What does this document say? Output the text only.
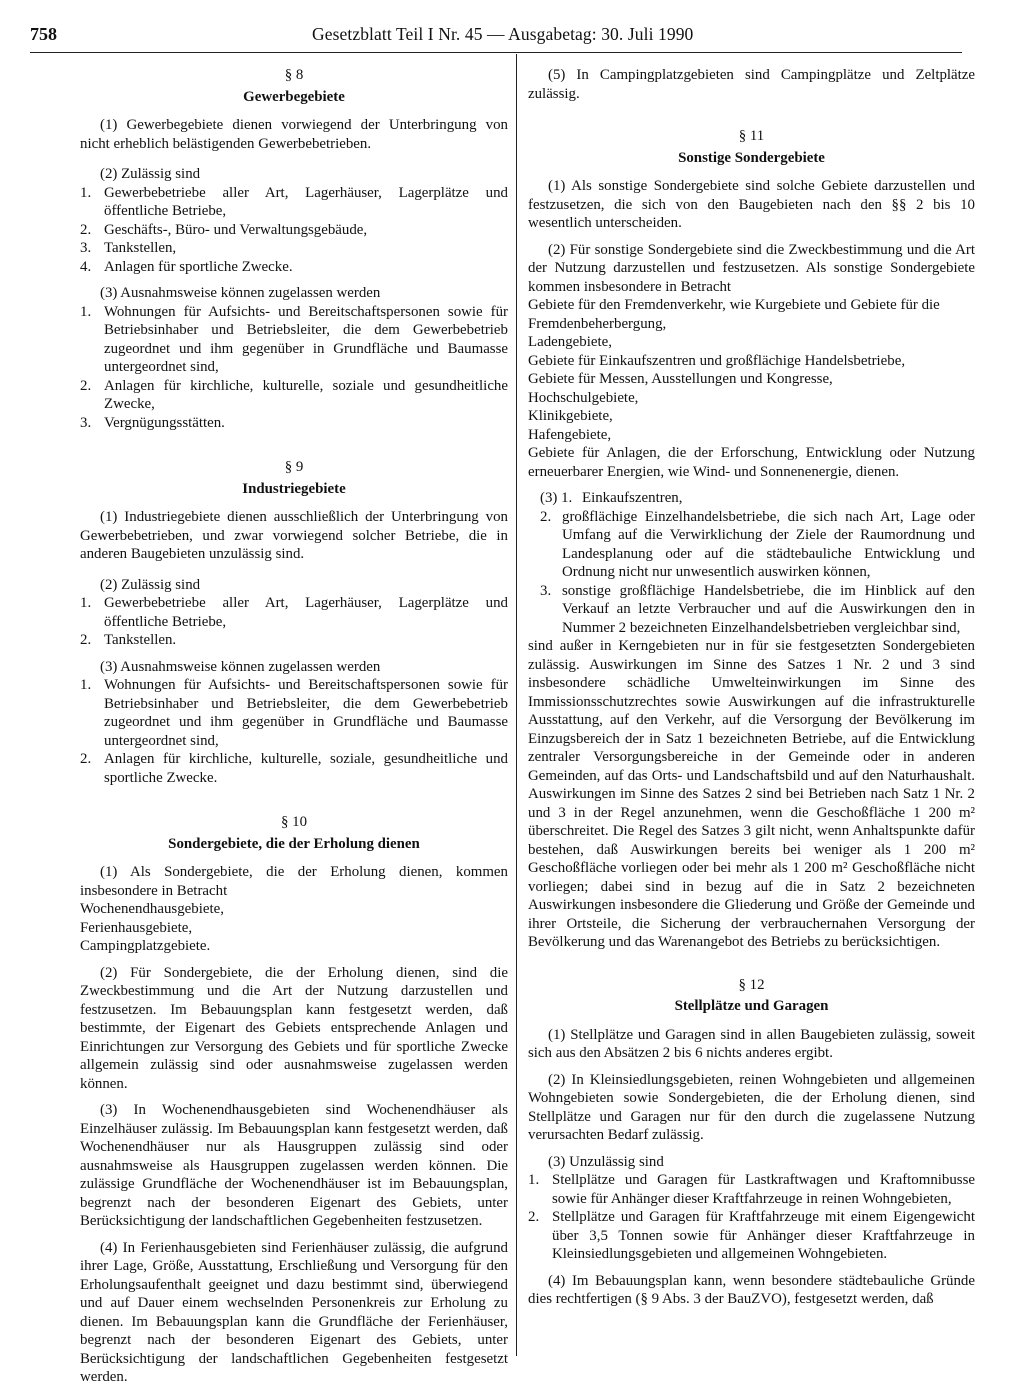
758	Gesetzblatt Teil I Nr. 45 — Ausgabetag: 30. Juli 1990

§ 8

Gewerbegebiete

(1) Gewerbegebiete dienen vorwiegend der Unterbringung von nicht erheblich belästigenden Gewerbebetrieben.

(2) Zulässig sind

1. Gewerbebetriebe aller Art, Lagerhäuser, Lagerplätze und öffentliche Betriebe,
2. Geschäfts-, Büro- und Verwaltungsgebäude,
3. Tankstellen,
4. Anlagen für sportliche Zwecke.

(3) Ausnahmsweise können zugelassen werden

1. Wohnungen für Aufsichts- und Bereitschaftspersonen sowie für Betriebsinhaber und Betriebsleiter, die dem Gewerbebetrieb zugeordnet und ihm gegenüber in Grundfläche und Baumasse untergeordnet sind,
2. Anlagen für kirchliche, kulturelle, soziale und gesundheitliche Zwecke,
3. Vergnügungsstätten.

§ 9

Industriegebiete

(1) Industriegebiete dienen ausschließlich der Unterbringung von Gewerbebetrieben, und zwar vorwiegend solcher Betriebe, die in anderen Baugebieten unzulässig sind.

(2) Zulässig sind

1. Gewerbebetriebe aller Art, Lagerhäuser, Lagerplätze und öffentliche Betriebe,
2. Tankstellen.

(3) Ausnahmsweise können zugelassen werden

1. Wohnungen für Aufsichts- und Bereitschaftspersonen sowie für Betriebsinhaber und Betriebsleiter, die dem Gewerbebetrieb zugeordnet und ihm gegenüber in Grundfläche und Baumasse untergeordnet sind,
2. Anlagen für kirchliche, kulturelle, soziale, gesundheitliche und sportliche Zwecke.

§ 10

Sondergebiete, die der Erholung dienen

(1) Als Sondergebiete, die der Erholung dienen, kommen insbesondere in Betracht

Wochenendhausgebiete,

Ferienhausgebiete,

Campingplatzgebiete.

(2) Für Sondergebiete, die der Erholung dienen, sind die Zweckbestimmung und die Art der Nutzung darzustellen und festzusetzen. Im Bebauungsplan kann festgesetzt werden, daß bestimmte, der Eigenart des Gebiets entsprechende Anlagen und Einrichtungen zur Versorgung des Gebiets und für sportliche Zwecke allgemein zulässig sind oder ausnahmsweise zugelassen werden können.

(3) In Wochenendhausgebieten sind Wochenendhäuser als Einzelhäuser zulässig. Im Bebauungsplan kann festgesetzt werden, daß Wochenendhäuser nur als Hausgruppen zulässig sind oder ausnahmsweise als Hausgruppen zugelassen werden können. Die zulässige Grundfläche der Wochenendhäuser ist im Bebauungsplan, begrenzt nach der besonderen Eigenart des Gebiets, unter Berücksichtigung der landschaftlichen Gegebenheiten festzusetzen.

(4) In Ferienhausgebieten sind Ferienhäuser zulässig, die aufgrund ihrer Lage, Größe, Ausstattung, Erschließung und Versorgung für den Erholungsaufenthalt geeignet und dazu bestimmt sind, überwiegend und auf Dauer einem wechselnden Personenkreis zur Erholung zu dienen. Im Bebauungsplan kann die Grundfläche der Ferienhäuser, begrenzt nach der besonderen Eigenart des Gebiets, unter Berücksichtigung der landschaftlichen Gegebenheiten festgesetzt werden.

(5) In Campingplatzgebieten sind Campingplätze und Zeltplätze zulässig.

§ 11

Sonstige Sondergebiete

(1) Als sonstige Sondergebiete sind solche Gebiete darzustellen und festzusetzen, die sich von den Baugebieten nach den §§ 2 bis 10 wesentlich unterscheiden.

(2) Für sonstige Sondergebiete sind die Zweckbestimmung und die Art der Nutzung darzustellen und festzusetzen. Als sonstige Sondergebiete kommen insbesondere in Betracht

Gebiete für den Fremdenverkehr, wie Kurgebiete und Gebiete für die Fremdenbeherbergung,

Ladengebiete,

Gebiete für Einkaufszentren und großflächige Handelsbetriebe,

Gebiete für Messen, Ausstellungen und Kongresse,

Hochschulgebiete,

Klinikgebiete,

Hafengebiete,

Gebiete für Anlagen, die der Erforschung, Entwicklung oder Nutzung erneuerbarer Energien, wie Wind- und Sonnenenergie, dienen.

(3) 1. Einkaufszentren,
2. großflächige Einzelhandelsbetriebe, die sich nach Art, Lage oder Umfang auf die Verwirklichung der Ziele der Raumordnung und Landesplanung oder auf die städtebauliche Entwicklung und Ordnung nicht nur unwesentlich auswirken können,
3. sonstige großflächige Handelsbetriebe, die im Hinblick auf den Verkauf an letzte Verbraucher und auf die Auswirkungen den in Nummer 2 bezeichneten Einzelhandelsbetrieben vergleichbar sind,

sind außer in Kerngebieten nur in für sie festgesetzten Sondergebieten zulässig. Auswirkungen im Sinne des Satzes 1 Nr. 2 und 3 sind insbesondere schädliche Umwelteinwirkungen im Sinne des Immissionsschutzrechtes sowie Auswirkungen auf die infrastrukturelle Ausstattung, auf den Verkehr, auf die Versorgung der Bevölkerung im Einzugsbereich der in Satz 1 bezeichneten Betriebe, auf die Entwicklung zentraler Versorgungsbereiche in der Gemeinde oder in anderen Gemeinden, auf das Orts- und Landschaftsbild und auf den Naturhaushalt. Auswirkungen im Sinne des Satzes 2 sind bei Betrieben nach Satz 1 Nr. 2 und 3 in der Regel anzunehmen, wenn die Geschoßfläche 1 200 m² überschreitet. Die Regel des Satzes 3 gilt nicht, wenn Anhaltspunkte dafür bestehen, daß Auswirkungen bereits bei weniger als 1 200 m² Geschoßfläche vorliegen oder bei mehr als 1 200 m² Geschoßfläche nicht vorliegen; dabei sind in bezug auf die in Satz 2 bezeichneten Auswirkungen insbesondere die Gliederung und Größe der Gemeinde und ihrer Ortsteile, die Sicherung der verbrauchernahen Versorgung der Bevölkerung und das Warenangebot des Betriebs zu berücksichtigen.

§ 12

Stellplätze und Garagen

(1) Stellplätze und Garagen sind in allen Baugebieten zulässig, soweit sich aus den Absätzen 2 bis 6 nichts anderes ergibt.

(2) In Kleinsiedlungsgebieten, reinen Wohngebieten und allgemeinen Wohngebieten sowie Sondergebieten, die der Erholung dienen, sind Stellplätze und Garagen nur für den durch die zugelassene Nutzung verursachten Bedarf zulässig.

(3) Unzulässig sind

1. Stellplätze und Garagen für Lastkraftwagen und Kraftomnibusse sowie für Anhänger dieser Kraftfahrzeuge in reinen Wohngebieten,
2. Stellplätze und Garagen für Kraftfahrzeuge mit einem Eigengewicht über 3,5 Tonnen sowie für Anhänger dieser Kraftfahrzeuge in Kleinsiedlungsgebieten und allgemeinen Wohngebieten.

(4) Im Bebauungsplan kann, wenn besondere städtebauliche Gründe dies rechtfertigen (§ 9 Abs. 3 der BauZVO), festgesetzt werden, daß
